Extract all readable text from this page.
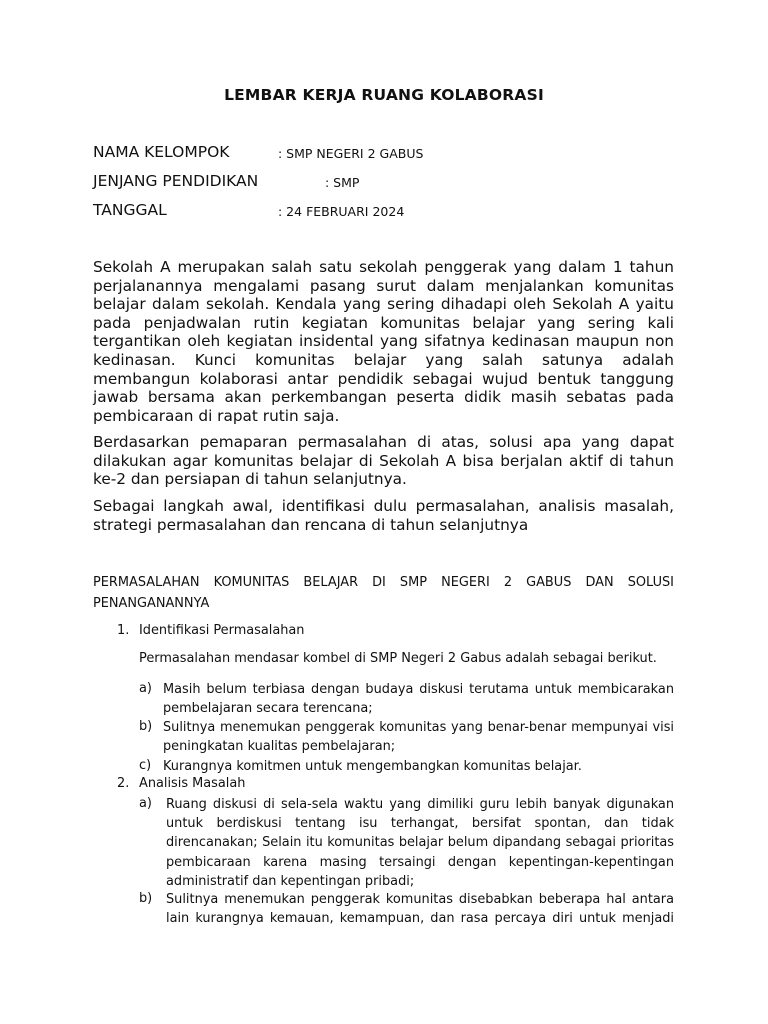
LEMBAR KERJA RUANG KOLABORASI
NAMA KELOMPOK	: SMP NEGERI 2 GABUS
JENJANG PENDIDIKAN	: SMP
TANGGAL	: 24 FEBRUARI 2024
Sekolah A merupakan salah satu sekolah penggerak yang dalam 1 tahun perjalanannya mengalami pasang surut dalam menjalankan komunitas belajar dalam sekolah. Kendala yang sering dihadapi oleh Sekolah A yaitu pada penjadwalan rutin kegiatan komunitas belajar yang sering kali tergantikan oleh kegiatan insidental yang sifatnya kedinasan maupun non kedinasan. Kunci komunitas belajar yang salah satunya adalah membangun kolaborasi antar pendidik sebagai wujud bentuk tanggung jawab bersama akan perkembangan peserta didik masih sebatas pada pembicaraan di rapat rutin saja.
Berdasarkan pemaparan permasalahan di atas, solusi apa yang dapat dilakukan agar komunitas belajar di Sekolah A bisa berjalan aktif di tahun ke-2 dan persiapan di tahun selanjutnya.
Sebagai langkah awal, identifikasi dulu permasalahan, analisis masalah, strategi permasalahan dan rencana di tahun selanjutnya
PERMASALAHAN KOMUNITAS BELAJAR DI SMP NEGERI 2 GABUS DAN SOLUSI PENANGANANNYA
1. Identifikasi Permasalahan
Permasalahan mendasar kombel di SMP Negeri 2 Gabus adalah sebagai berikut.
a) Masih belum terbiasa dengan budaya diskusi terutama untuk membicarakan pembelajaran secara terencana;
b) Sulitnya menemukan penggerak komunitas yang benar-benar mempunyai visi peningkatan kualitas pembelajaran;
c) Kurangnya komitmen untuk mengembangkan komunitas belajar.
2. Analisis Masalah
a) Ruang diskusi di sela-sela waktu yang dimiliki guru lebih banyak digunakan untuk berdiskusi tentang isu terhangat, bersifat spontan, dan tidak direncanakan; Selain itu komunitas belajar belum dipandang sebagai prioritas pembicaraan karena masing tersaingi dengan kepentingan-kepentingan administratif dan kepentingan pribadi;
b) Sulitnya menemukan penggerak komunitas disebabkan beberapa hal antara lain kurangnya kemauan, kemampuan, dan rasa percaya diri untuk menjadi
